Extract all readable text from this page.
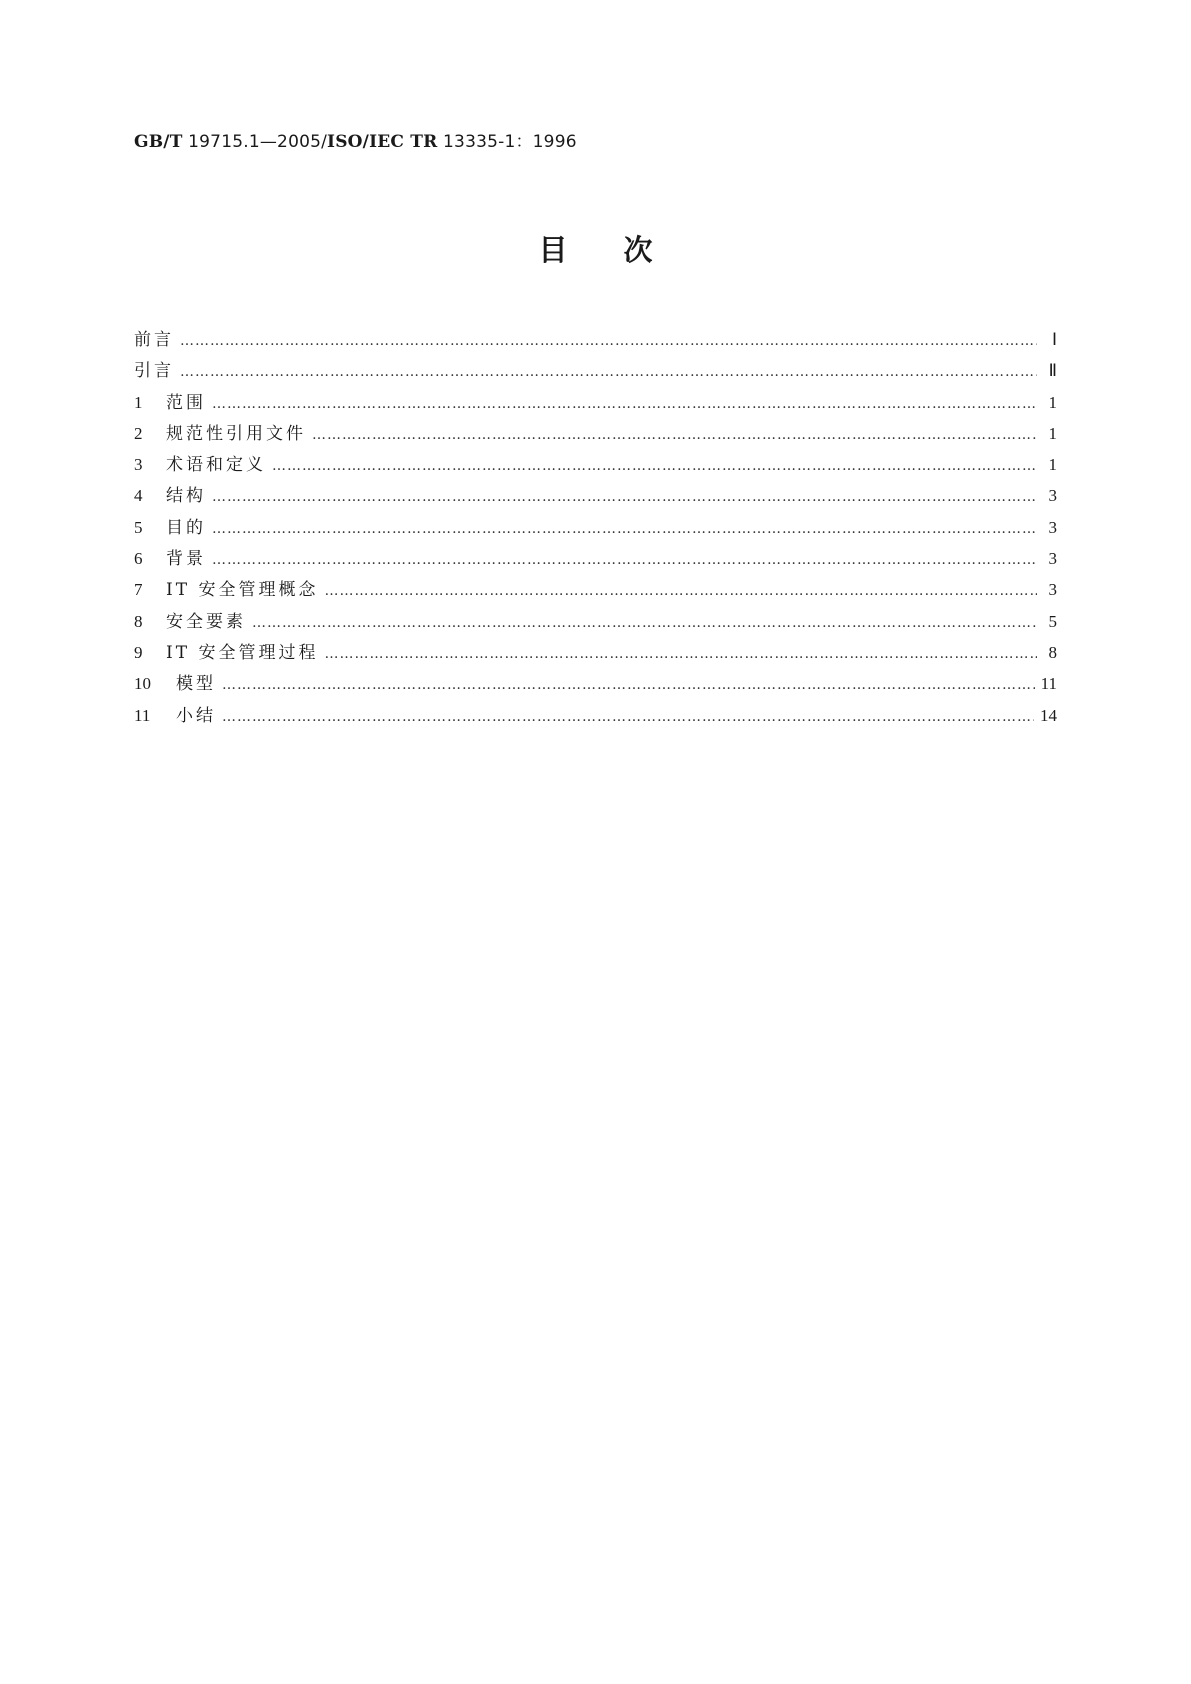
GB/T 19715.1—2005/ISO/IEC TR 13335-1：1996
目次
前言 …………………………………………………………………………………………………………………………………………………………………………………………………………………………………	Ⅰ
引言 …………………………………………………………………………………………………………………………………………………………………………………………………………………………………	Ⅱ
1	范围 …………………………………………………………………………………………………………………………………………………………………………………………………………………………………	1
2	规范性引用文件 …………………………………………………………………………………………………………………………………………………………………………………………………………………………………	1
3	术语和定义 …………………………………………………………………………………………………………………………………………………………………………………………………………………………………	1
4	结构 …………………………………………………………………………………………………………………………………………………………………………………………………………………………………	3
5	目的 …………………………………………………………………………………………………………………………………………………………………………………………………………………………………	3
6	背景 …………………………………………………………………………………………………………………………………………………………………………………………………………………………………	3
7	IT 安全管理概念 …………………………………………………………………………………………………………………………………………………………………………………………………………………………………	3
8	安全要素 …………………………………………………………………………………………………………………………………………………………………………………………………………………………………	5
9	IT 安全管理过程 …………………………………………………………………………………………………………………………………………………………………………………………………………………………………	8
10	模型 …………………………………………………………………………………………………………………………………………………………………………………………………………………………………	11
11	小结 …………………………………………………………………………………………………………………………………………………………………………………………………………………………………	14
